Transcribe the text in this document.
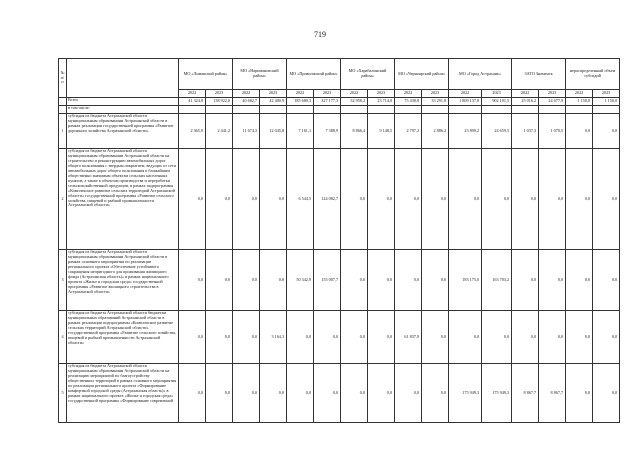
719
№ п/п		МО «Лиманский район»		МО «Наримановский район»		МО «Приволжский район»		МО «Харабалинский район»		МО «Черноярский район»		МО «Город Астрахань»		ЗАТО Знаменск		нераспределенный объем субсидий	
		2022	2023	2022	2023	2022	2023	2022	2023	2022	2023	2022	2023	2022	2023	2022	2023
	Всего	41 324,8	138 922,0	40 682,7	42 400,9	185 680,3	327 177,3	32 958,2	23 714,0	75 438,8	33 291,8	1 809 137,8	902 101,5	25 016,2	24 677,9	1 150,0	1 150,0
	в том числе:																
1	субсидия из бюджета Астраханской области муниципальным образованиям Астраханской области в рамках реализации государственной программы «Развитие дорожного хозяйства Астраханской области»	2 365,9	2 441,2	11 674,3	12 045,8	7 161,1	7 388,9	8 866,4	9 148,5	2 797,2	2 886,2	23 899,2	24 659,5	1 037,3	1 070,5	0,0	0,0
2	субсидия из бюджета Астраханской области муниципальным образованиям Астраханской области на строительство и реконструкцию автомобильных дорог общего пользования с твердым покрытием, ведущих от сети автомобильных дорог общего пользования к ближайшим общественно значимым объектам сельских населенных пунктов, а также к объектам производства и переработки сельскохозяйственной продукции, в рамках подпрограммы «Комплексное развитие сельских территорий Астраханской области» государственной программы «Развитие сельского хозяйства, пищевой и рыбной промышленности Астраханской области»	0,0	0,0	0,0	0,0	6 544,5	124 082,7	0,0	0,0	0,0	0,0	0,0	0,0	0,0	0,0	0,0	0,0
3	субсидия из бюджета Астраханской области муниципальным образованиям Астраханской области в рамках основного мероприятия по реализации регионального проекта «Обеспечение устойчивого сокращения непригодного для проживания жилищного фонда (Астраханская область)» в рамках национального проекта «Жилье и городская среда» государственной программы «Развитие жилищного строительства в Астраханской области»	0,0	0,0	0,0	0,0	50 342,9	155 007,7	0,0	0,0	0,0	0,0	183 175,0	163 703,2	0,0	0,0	0,0	0,0
4	субсидия из бюджета Астраханской области бюджетам муниципальных образований Астраханской области в рамках реализации подпрограммы «Комплексное развитие сельских территорий Астраханской области» государственной программы «Развитие сельского хозяйства, пищевой и рыбной промышленности Астраханской области»	0,0	0,0	0,0	3 164,3	0,0	0,0	0,0	0,0	61 837,9	0,0	0,0	0,0	0,0	0,0	0,0	0,0
5	субсидия из бюджета Астраханской области муниципальным образованиям Астраханской области на реализацию мероприятий по благоустройству общественных территорий в рамках основного мероприятия по реализации регионального проекта «Формирование комфортной городской среды (Астраханская область)» в рамках национального проекта «Жилье и городская среда» государственной программы «Формирование современной	0,0	0,0	0,0	0,0	0,0	0,0	0,0	0,0	0,0	0,0	175 949,3	175 949,3	8 867,7	8 867,7	0,0	0,0
